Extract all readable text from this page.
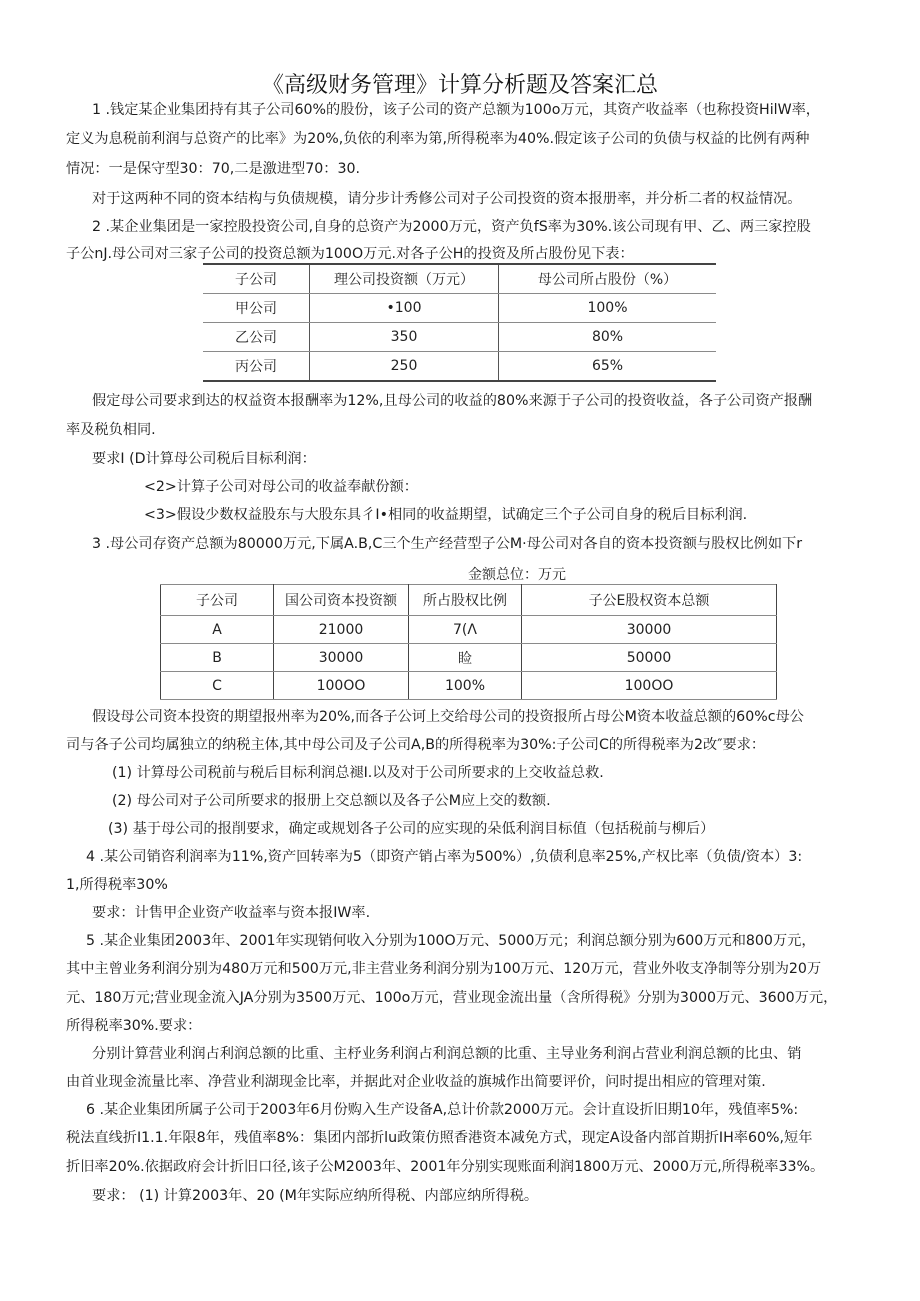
《高级财务管理》计算分析题及答案汇总
1 .钱定某企业集团持有其子公司60%的股份，该子公司的资产总额为100o万元，其资产收益率（也称投资HilW率，
定义为息税前利润与总资产的比率》为20%,负依的利率为第,所得税率为40%.假定该子公司的负债与权益的比例有两种
情况：一是保守型30：70,二是激进型70：30.
对于这两种不同的资本结构与负债规模，请分步计秀修公司对子公司投资的资本报册率，并分析二者的权益情况。
2 .某企业集团是一家控股投资公司,自身的总资产为2000万元，资产负fS率为30%.该公司现有甲、乙、两三家控股
子公nJ.母公司对三家子公司的投资总额为100O万元.对各子公H的投资及所占股份见下表：
子公司	理公司投资额（万元）	母公司所占股份（%）
甲公司	•100	100%
乙公司	350	80%
丙公司	250	65%
假定母公司要求到达的权益资本报酬率为12%,且母公司的收益的80%来源于子公司的投资收益，各子公司资产报酬
率及税负相同.
要求I (D计算母公司税后目标利润：
<2>计算子公司对母公司的收益奉献份额：
<3>假设少数权益股东与大股东具彳I•相同的收益期望，试确定三个子公司自身的税后目标利润.
3 .母公司存资产总额为80000万元,下属A.B,C三个生产经营型子公M·母公司对各自的资本投资额与股权比例如下r
金额总位：万元
子公司	国公司资本投资额	所占股权比例	子公E股权资本总额
A	21000	7(Λ	30000
B	30000	睑	50000
C	100OO	100%	100OO
假设母公司资本投资的期望报州率为20%,而各子公诃上交给母公司的投资报所占母公M资本收益总额的60%c母公
司与各子公司均属独立的纳税主体,其中母公司及子公司A,B的所得税率为30%:子公司C的所得税率为2改″要求：
(1) 计算母公司税前与税后目标利润总褪I.以及对于公司所要求的上交收益总救.
(2) 母公司对子公司所要求的报册上交总额以及各子公M应上交的数额.
(3) 基于母公司的报削要求，确定或规划各子公司的应实现的朵低利润目标值（包括税前与柳后）
4 .某公司销咨利润率为11%,资产回转率为5（即资产销占率为500%）,负债利息率25%,产权比率（负债/资本）3:
1,所得税率30%
要求：计售甲企业资产收益率与资本报IW率.
5 .某企业集团2003年、2001年实现销何收入分别为100O万元、5000万元；利润总额分别为600万元和800万元，
其中主曾业务利润分别为480万元和500万元,非主营业务利润分别为100万元、120万元，营业外收支净制等分别为20万
元、180万元;营业现金流入JA分别为3500万元、100o万元，营业现金流出量（含所得税》分别为3000万元、3600万元，
所得税率30%.要求：
分别计算营业利润占利润总额的比重、主杼业务利润占利润总额的比重、主导业务利润占营业利润总额的比虫、销
由首业现金流量比率、净营业利湖现金比率，并据此对企业收益的旗城作出简要评价，问时提出相应的管理对策.
6 .某企业集团所属子公司于2003年6月份购入生产设备A,总计价款2000万元。会计直设折旧期10年，残值率5%:
税法直线折I1.1.年限8年，残值率8%：集团内部折lu政策仿照香港资本减免方式，现定A设备内部首期折IH率60%,短年
折旧率20%.依据政府会计折旧口径,该子公M2003年、2001年分别实现账面利润1800万元、2000万元,所得税率33%。
要求： (1) 计算2003年、20 (M年实际应纳所得税、内部应纳所得税。
